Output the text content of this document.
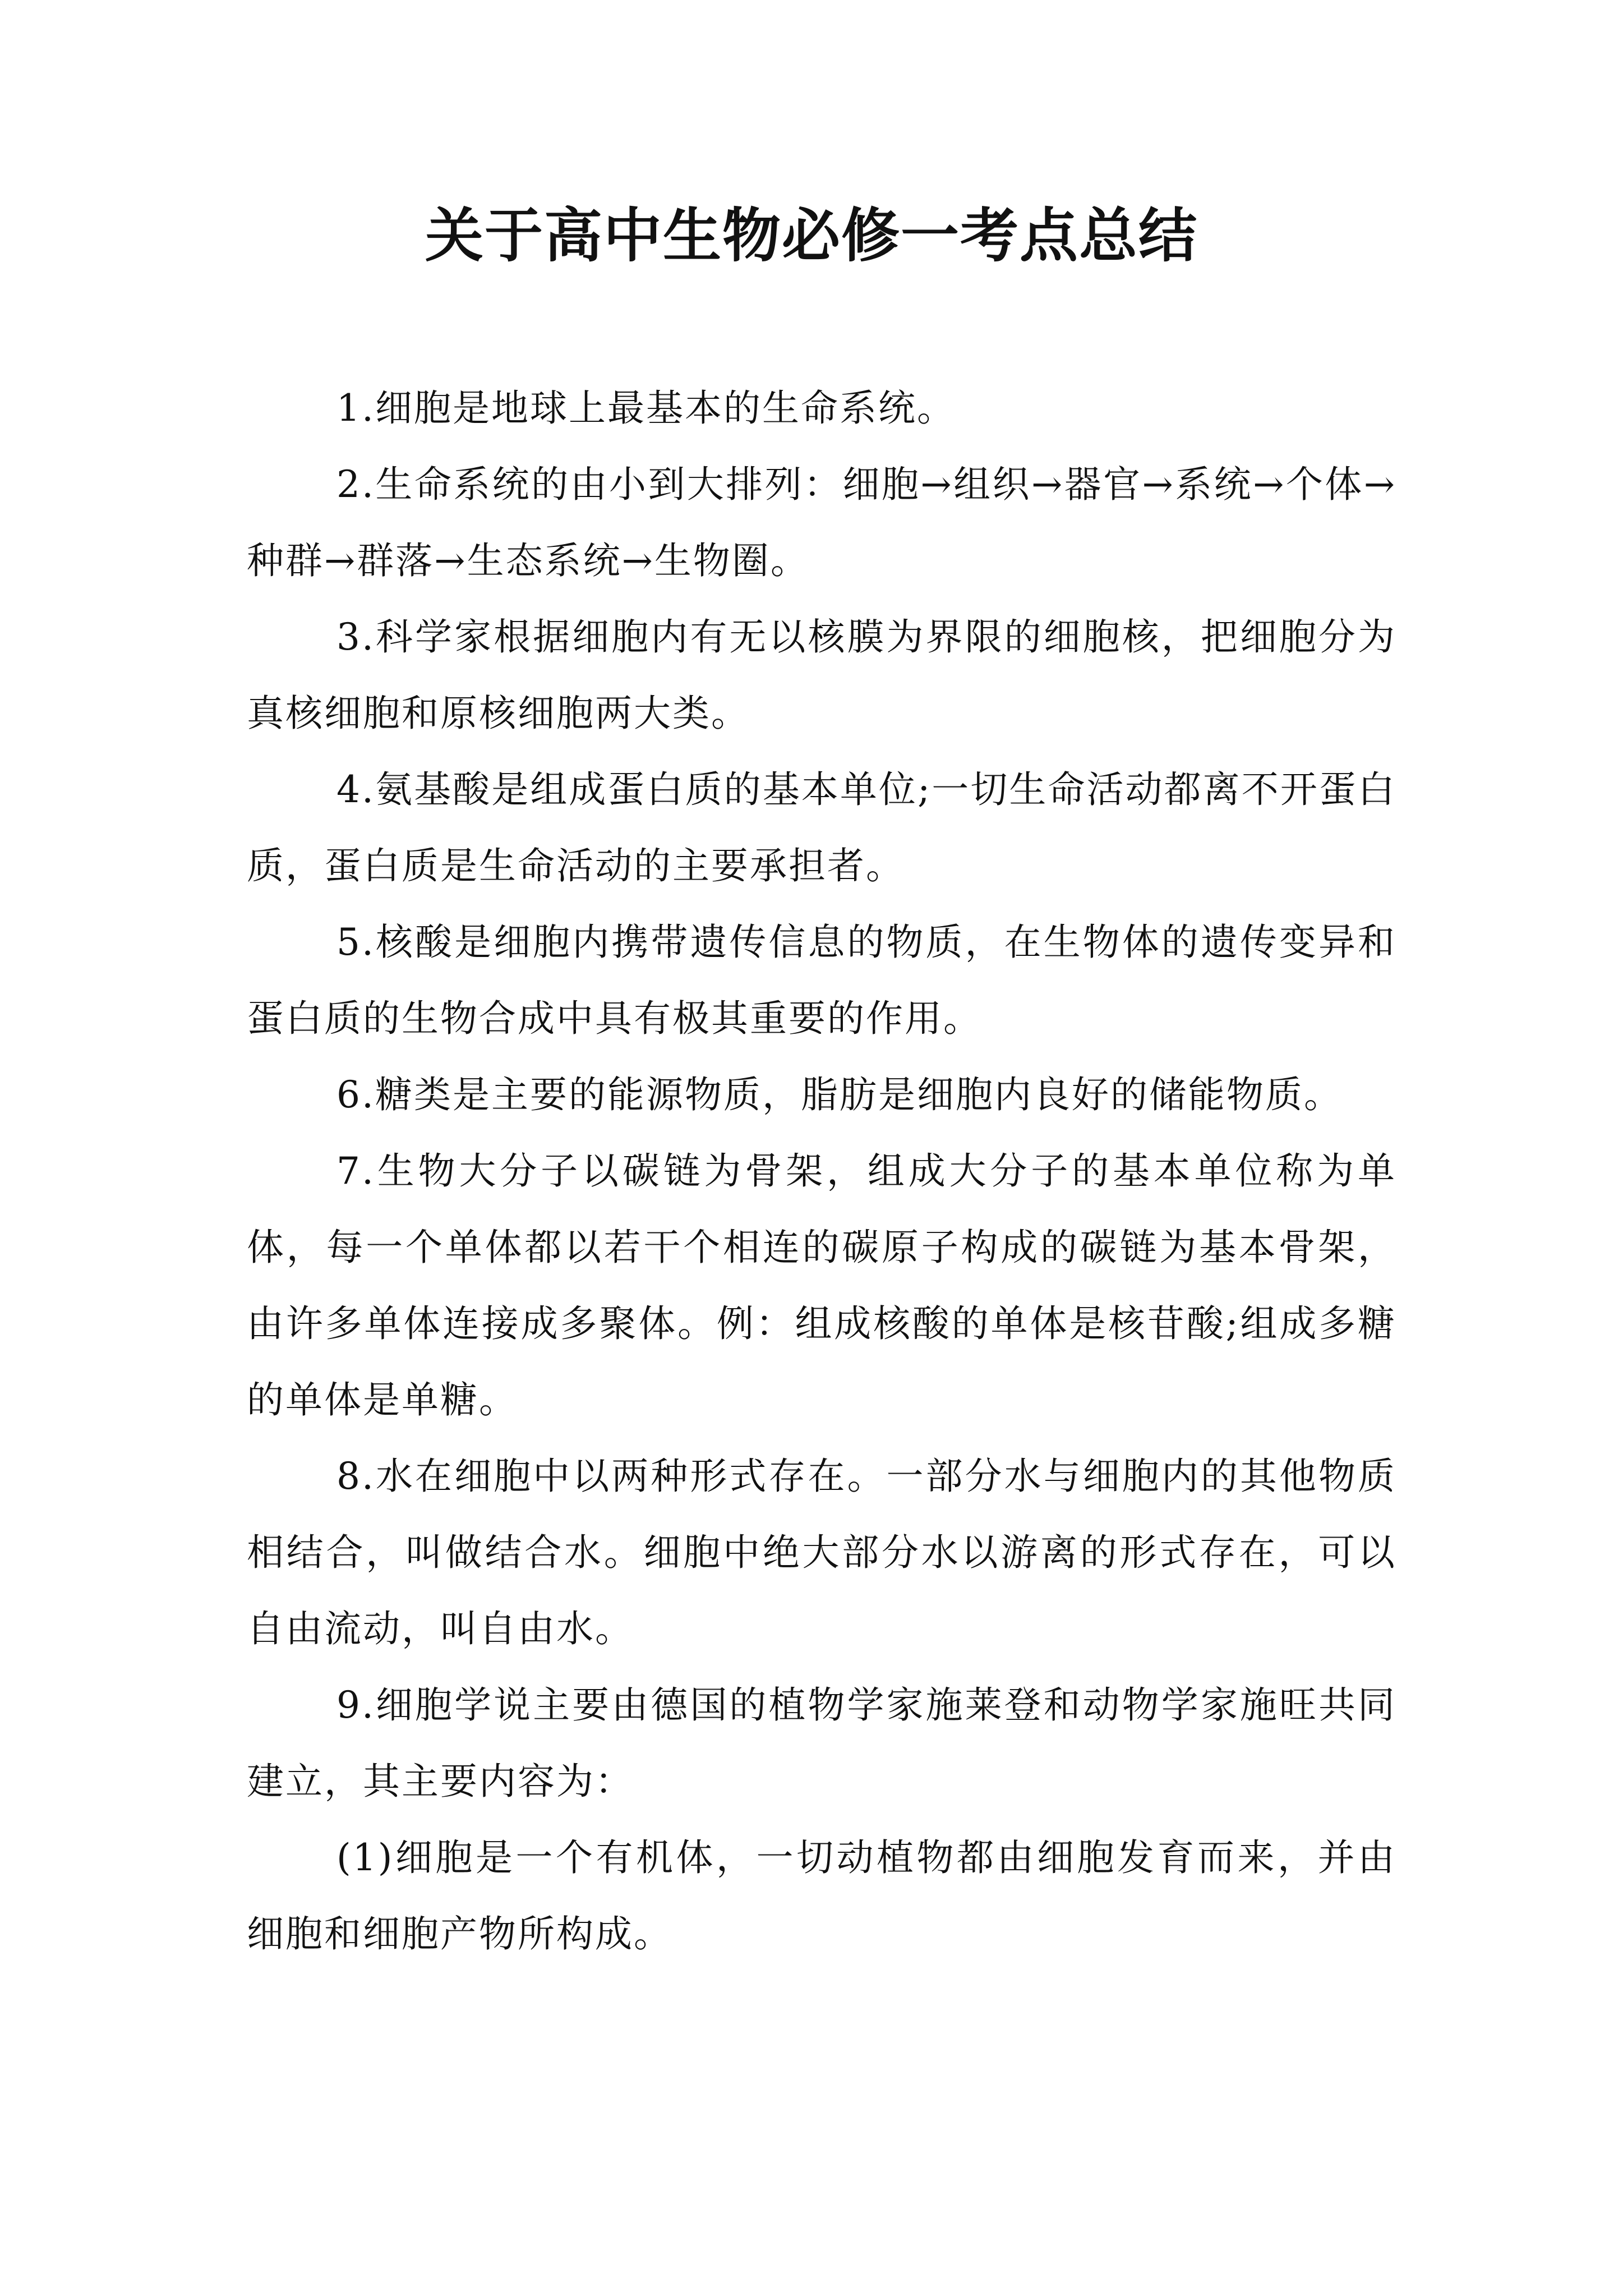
关于高中生物必修一考点总结

1.细胞是地球上最基本的生命系统。

2.生命系统的由小到大排列：细胞→组织→器官→系统→个体→种群→群落→生态系统→生物圈。

3.科学家根据细胞内有无以核膜为界限的细胞核，把细胞分为真核细胞和原核细胞两大类。

4.氨基酸是组成蛋白质的基本单位;一切生命活动都离不开蛋白质，蛋白质是生命活动的主要承担者。

5.核酸是细胞内携带遗传信息的物质，在生物体的遗传变异和蛋白质的生物合成中具有极其重要的作用。

6.糖类是主要的能源物质，脂肪是细胞内良好的储能物质。

7.生物大分子以碳链为骨架，组成大分子的基本单位称为单体，每一个单体都以若干个相连的碳原子构成的碳链为基本骨架，由许多单体连接成多聚体。例：组成核酸的单体是核苷酸;组成多糖的单体是单糖。

8.水在细胞中以两种形式存在。一部分水与细胞内的其他物质相结合，叫做结合水。细胞中绝大部分水以游离的形式存在，可以自由流动，叫自由水。

9.细胞学说主要由德国的植物学家施莱登和动物学家施旺共同建立，其主要内容为：

(1)细胞是一个有机体，一切动植物都由细胞发育而来，并由细胞和细胞产物所构成。
